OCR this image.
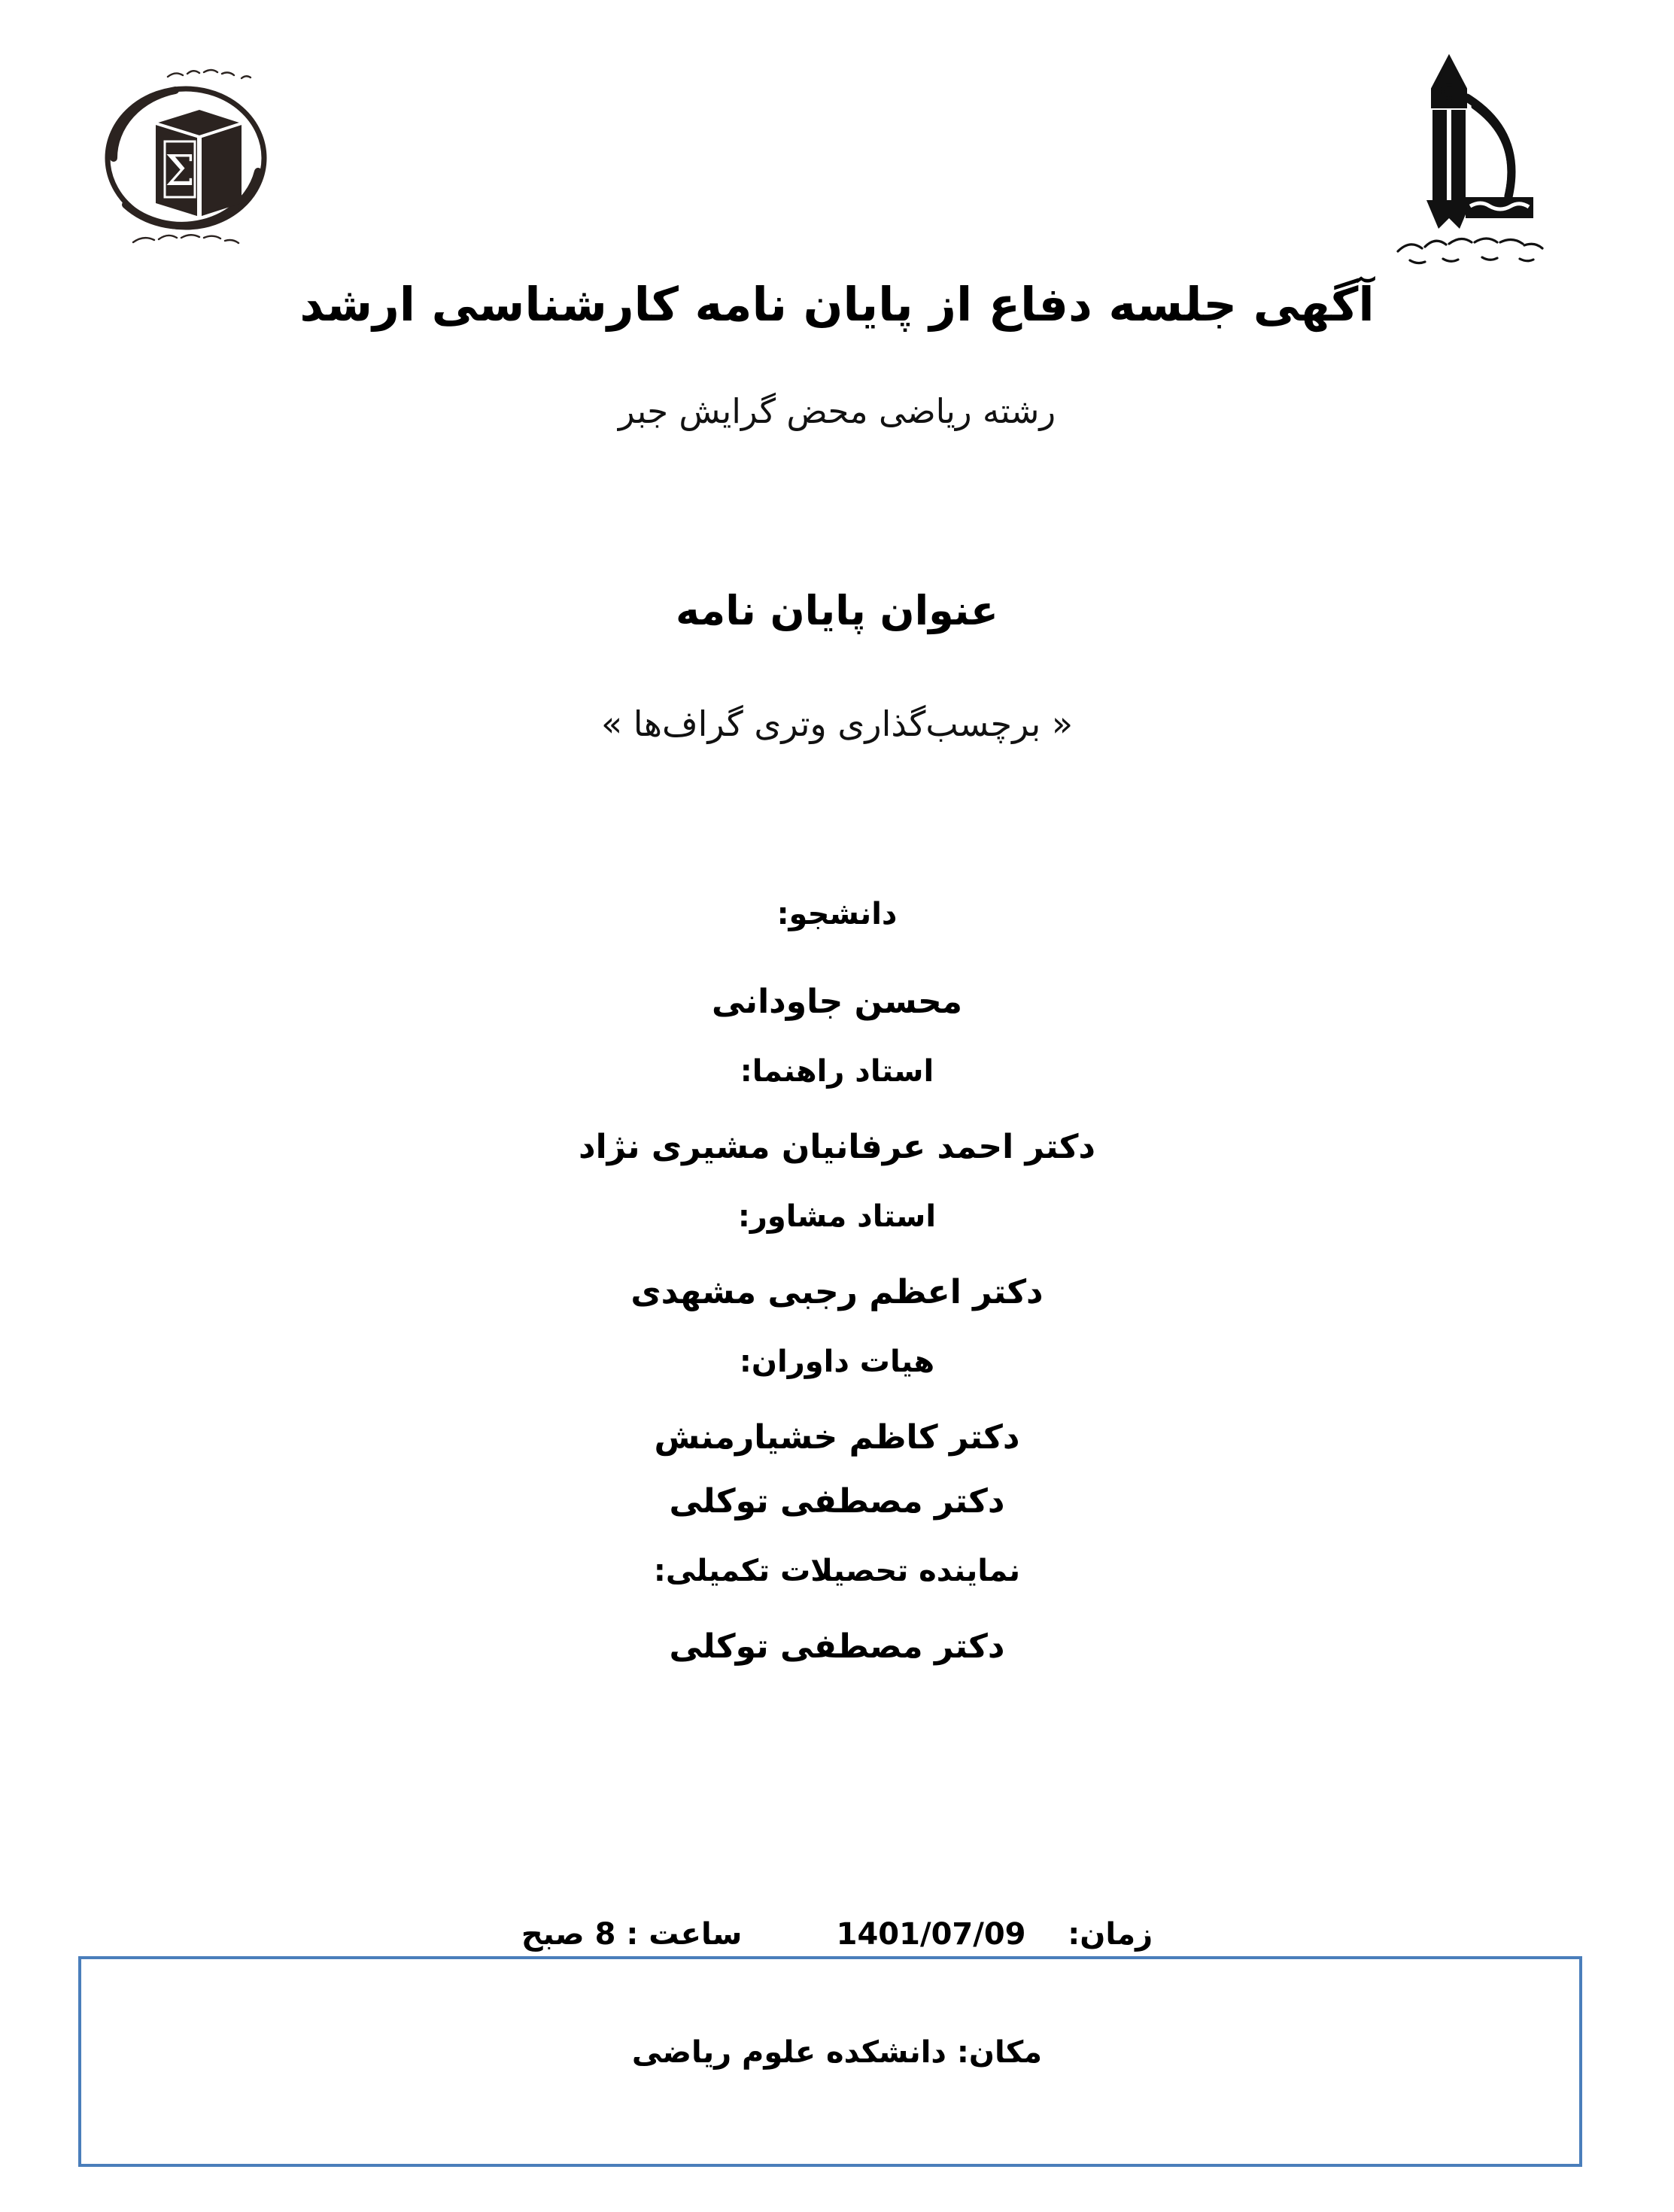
Σ
آگهی جلسه دفاع از پایان نامه کارشناسی ارشد
رشته ریاضی محض گرایش جبر
عنوان پایان نامه
« برچسب‌گذاری وتری گراف‌ها »
دانشجو:
محسن جاودانی
استاد راهنما:
دکتر احمد عرفانیان مشیری نژاد
استاد مشاور:
دکتر اعظم رجبی مشهدی
هیات داوران:
دکتر کاظم خشیارمنش
دکتر مصطفی توکلی
نماینده تحصیلات تکمیلی:
دکتر مصطفی توکلی
زمان:    1401/07/09         ساعت : 8 صبح
مکان: دانشکده علوم ریاضی
